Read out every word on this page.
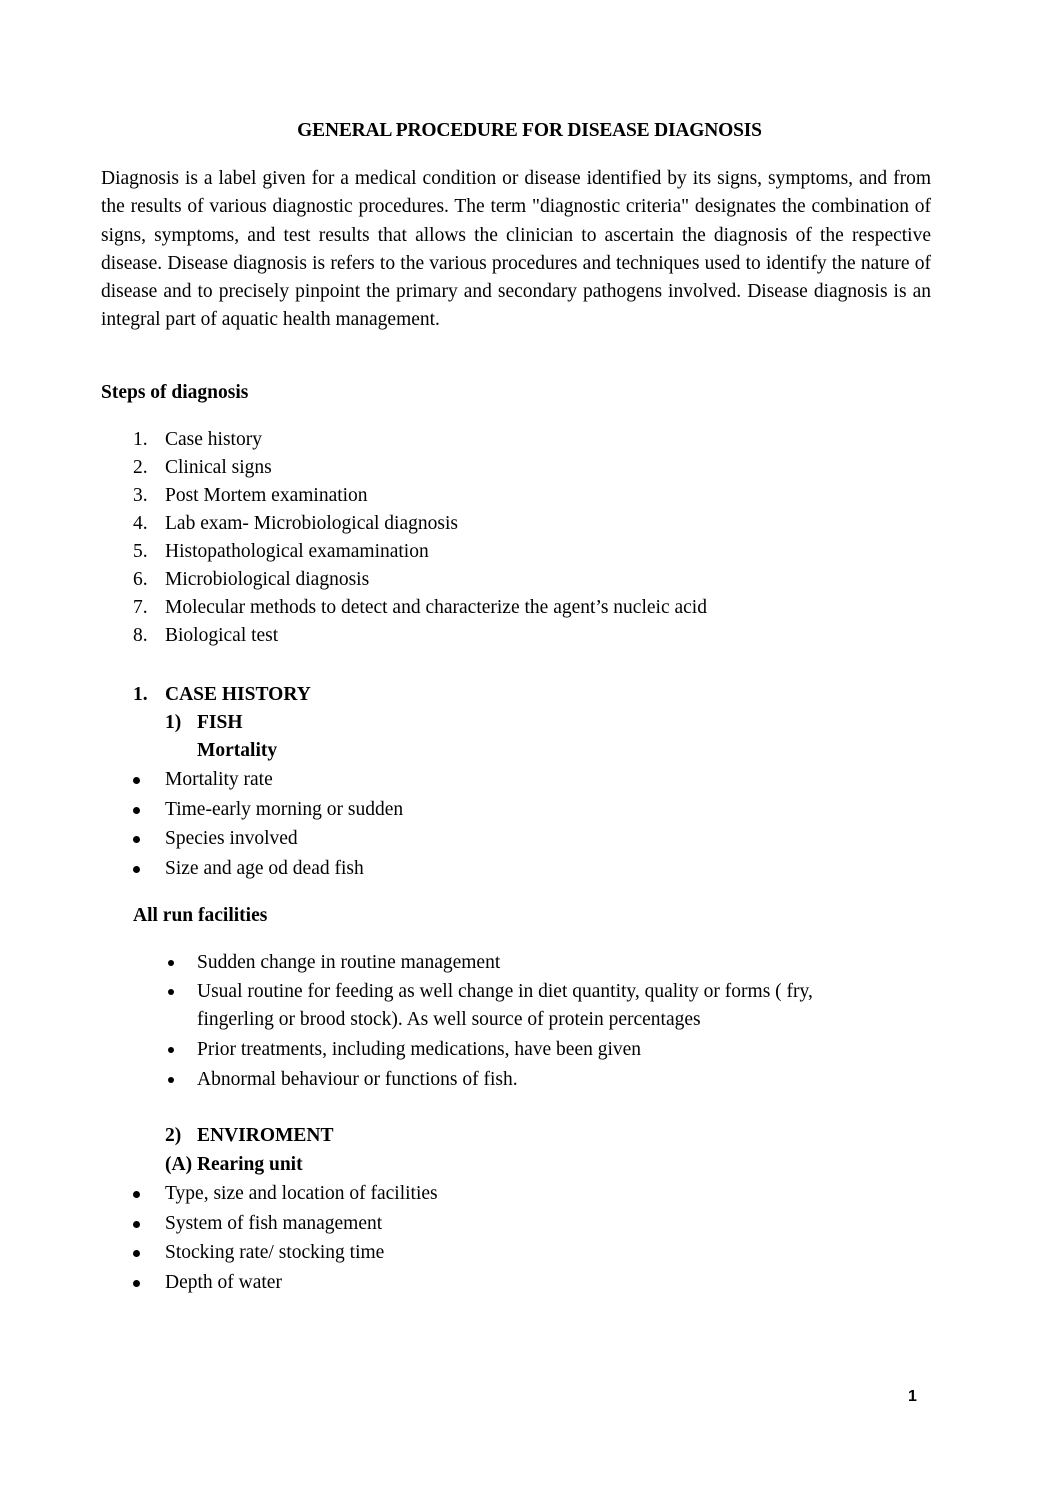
GENERAL PROCEDURE FOR DISEASE DIAGNOSIS

Diagnosis is a label given for a medical condition or disease identified by its signs, symptoms, and from the results of various diagnostic procedures. The term "diagnostic criteria" designates the combination of signs, symptoms, and test results that allows the clinician to ascertain the diagnosis of the respective disease. Disease diagnosis is refers to the various procedures and techniques used to identify the nature of disease and to precisely pinpoint the primary and secondary pathogens involved. Disease diagnosis is an integral part of aquatic health management.

Steps of diagnosis
1. Case history
2. Clinical signs
3. Post Mortem examination
4. Lab exam- Microbiological diagnosis
5. Histopathological examamination
6. Microbiological diagnosis
7. Molecular methods to detect and characterize the agent’s nucleic acid
8. Biological test
1. CASE HISTORY
1) FISH
Mortality
Mortality rate
Time-early morning or sudden
Species involved
Size and age od dead fish
All run facilities
Sudden change in routine management
Usual routine for feeding as well change in diet quantity, quality or forms ( fry,
fingerling or brood stock). As well source of protein percentages
Prior treatments, including medications, have been given
Abnormal behaviour or functions of fish.
2) ENVIROMENT
(A) Rearing unit
Type, size and location of facilities
System of fish management
Stocking rate/ stocking time
Depth of water
1
